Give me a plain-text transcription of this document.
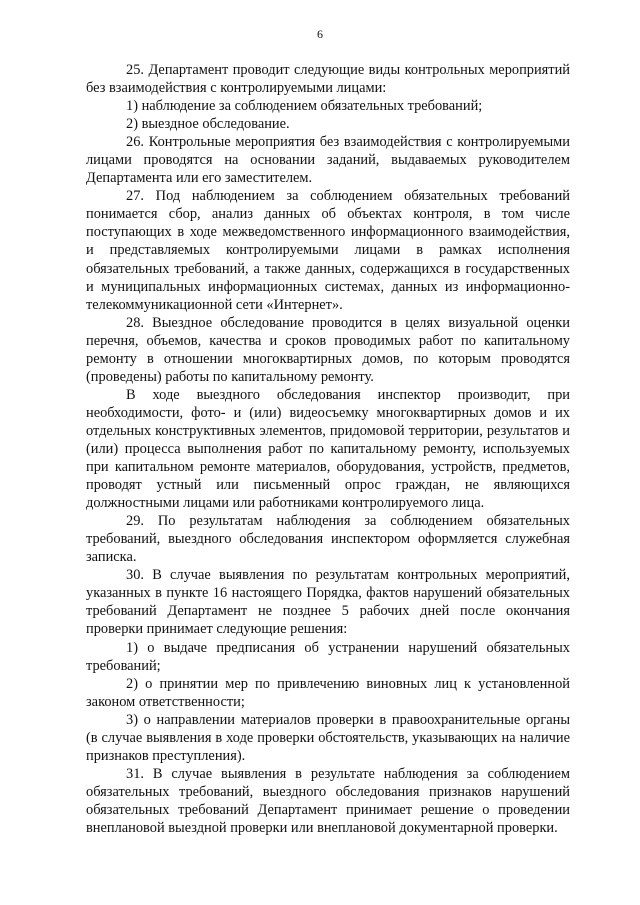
6

25. Департамент проводит следующие виды контрольных мероприятий без взаимодействия с контролируемыми лицами:

1) наблюдение за соблюдением обязательных требований;

2) выездное обследование.

26. Контрольные мероприятия без взаимодействия с контролируемыми лицами проводятся на основании заданий, выдаваемых руководителем Департамента или его заместителем.

27. Под наблюдением за соблюдением обязательных требований понимается сбор, анализ данных об объектах контроля, в том числе поступающих в ходе межведомственного информационного взаимодействия, и представляемых контролируемыми лицами в рамках исполнения обязательных требований, а также данных, содержащихся в государственных и муниципальных информационных системах, данных из информационно-телекоммуникационной сети «Интернет».

28. Выездное обследование проводится в целях визуальной оценки перечня, объемов, качества и сроков проводимых работ по капитальному ремонту в отношении многоквартирных домов, по которым проводятся (проведены) работы по капитальному ремонту.

В ходе выездного обследования инспектор производит, при необходимости, фото- и (или) видеосъемку многоквартирных домов и их отдельных конструктивных элементов, придомовой территории, результатов и (или) процесса выполнения работ по капитальному ремонту, используемых при капитальном ремонте материалов, оборудования, устройств, предметов, проводят устный или письменный опрос граждан, не являющихся должностными лицами или работниками контролируемого лица.

29. По результатам наблюдения за соблюдением обязательных требований, выездного обследования инспектором оформляется служебная записка.

30. В случае выявления по результатам контрольных мероприятий, указанных в пункте 16 настоящего Порядка, фактов нарушений обязательных требований Департамент не позднее 5 рабочих дней после окончания проверки принимает следующие решения:

1) о выдаче предписания об устранении нарушений обязательных требований;

2) о принятии мер по привлечению виновных лиц к установленной законом ответственности;

3) о направлении материалов проверки в правоохранительные органы (в случае выявления в ходе проверки обстоятельств, указывающих на наличие признаков преступления).

31. В случае выявления в результате наблюдения за соблюдением обязательных требований, выездного обследования признаков нарушений обязательных требований Департамент принимает решение о проведении внеплановой выездной проверки или внеплановой документарной проверки.
